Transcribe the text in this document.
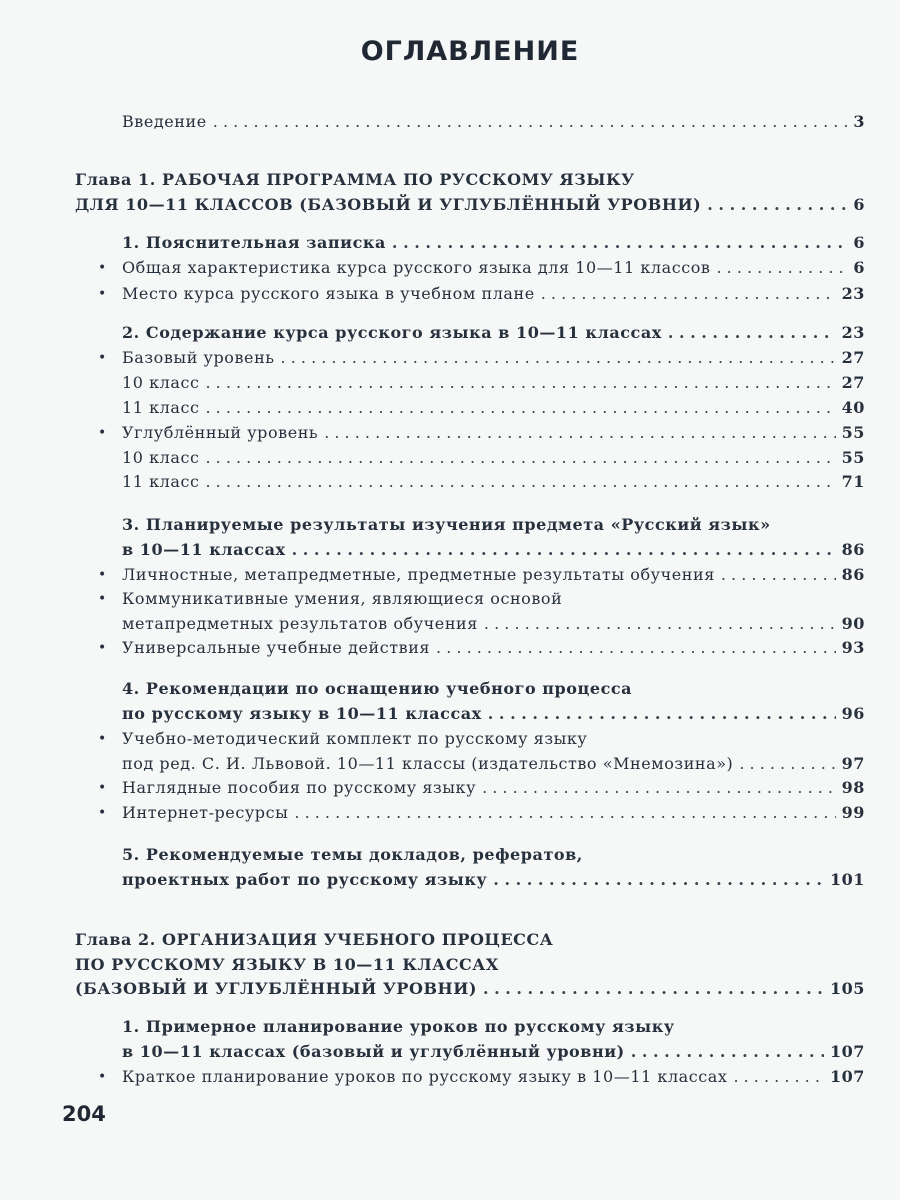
ОГЛАВЛЕНИЕ
Введение . . .	3
Глава 1. РАБОЧАЯ ПРОГРАММА ПО РУССКОМУ ЯЗЫКУ
ДЛЯ 10—11 КЛАССОВ (БАЗОВЫЙ И УГЛУБЛЁННЫЙ УРОВНИ) . . .	6
1. Пояснительная записка . . .	6
• Общая характеристика курса русского языка для 10—11 классов . . .	6
• Место курса русского языка в учебном плане . . .	23
2. Содержание курса русского языка в 10—11 классах . . .	23
• Базовый уровень . . .	27
10 класс . . .	27
11 класс . . .	40
• Углублённый уровень . . .	55
10 класс . . .	55
11 класс . . .	71
3. Планируемые результаты изучения предмета «Русский язык»
в 10—11 классах . . .	86
• Личностные, метапредметные, предметные результаты обучения . . .	86
• Коммуникативные умения, являющиеся основой
метапредметных результатов обучения . . .	90
• Универсальные учебные действия . . .	93
4. Рекомендации по оснащению учебного процесса
по русскому языку в 10—11 классах . . .	96
• Учебно-методический комплект по русскому языку
под ред. С. И. Львовой. 10—11 классы (издательство «Мнемозина») . . .	97
• Наглядные пособия по русскому языку . . .	98
• Интернет-ресурсы . . .	99
5. Рекомендуемые темы докладов, рефератов,
проектных работ по русскому языку . . .	101
Глава 2. ОРГАНИЗАЦИЯ УЧЕБНОГО ПРОЦЕССА
ПО РУССКОМУ ЯЗЫКУ В 10—11 КЛАССАХ
(БАЗОВЫЙ И УГЛУБЛЁННЫЙ УРОВНИ) . . .	105
1. Примерное планирование уроков по русскому языку
в 10—11 классах (базовый и углублённый уровни) . . .	107
• Краткое планирование уроков по русскому языку в 10—11 классах . . .	107
204
